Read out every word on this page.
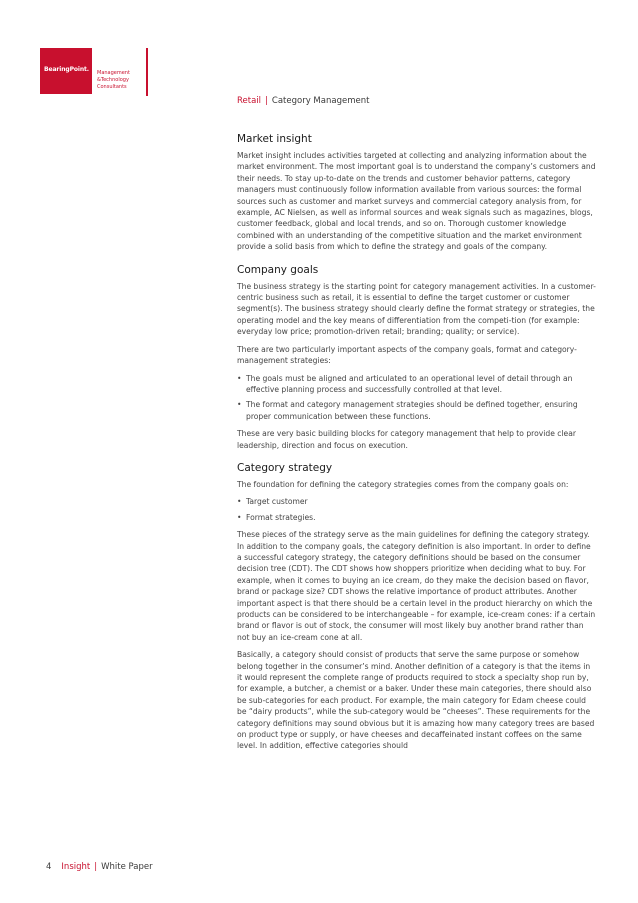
BearingPoint. Management
&Technology
Consultants
Retail | Category Management
Market insight

Market insight includes activities targeted at collecting and analyzing information about the market environment. The most important goal is to understand the company’s customers and their needs. To stay up-to-date on the trends and customer behavior patterns, category managers must continuously follow information available from various sources: the formal sources such as customer and market surveys and commercial category analysis from, for example, AC Nielsen, as well as informal sources and weak signals such as magazines, blogs, customer feedback, global and local trends, and so on. Thorough customer knowledge combined with an understanding of the competitive situation and the market environment provide a solid basis from which to define the strategy and goals of the company.

Company goals

The business strategy is the starting point for category management activities. In a customer-centric business such as retail, it is essential to define the target customer or customer segment(s). The business strategy should clearly define the format strategy or strategies, the operating model and the key means of differentiation from the competi-tion (for example: everyday low price; promotion-driven retail; branding; quality; or service).

There are two particularly important aspects of the company goals, format and category-management strategies:

• The goals must be aligned and articulated to an operational level of detail through an effective planning process and successfully controlled at that level.
• The format and category management strategies should be defined together, ensuring proper communication between these functions.

These are very basic building blocks for category management that help to provide clear leadership, direction and focus on execution.

Category strategy

The foundation for defining the category strategies comes from the company goals on:

• Target customer
• Format strategies.

These pieces of the strategy serve as the main guidelines for defining the category strategy. In addition to the company goals, the category definition is also important. In order to define a successful category strategy, the category definitions should be based on the consumer decision tree (CDT). The CDT shows how shoppers prioritize when deciding what to buy. For example, when it comes to buying an ice cream, do they make the decision based on flavor, brand or package size? CDT shows the relative importance of product attributes. Another important aspect is that there should be a certain level in the product hierarchy on which the products can be considered to be interchangeable – for example, ice-cream cones: if a certain brand or flavor is out of stock, the consumer will most likely buy another brand rather than not buy an ice-cream cone at all.

Basically, a category should consist of products that serve the same purpose or somehow belong together in the consumer’s mind. Another definition of a category is that the items in it would represent the complete range of products required to stock a specialty shop run by, for example, a butcher, a chemist or a baker. Under these main categories, there should also be sub-categories for each product. For example, the main category for Edam cheese could be “dairy products”, while the sub-category would be “cheeses”. These requirements for the category definitions may sound obvious but it is amazing how many category trees are based on product type or supply, or have cheeses and decaffeinated instant coffees on the same level. In addition, effective categories should

4 Insight | White Paper
